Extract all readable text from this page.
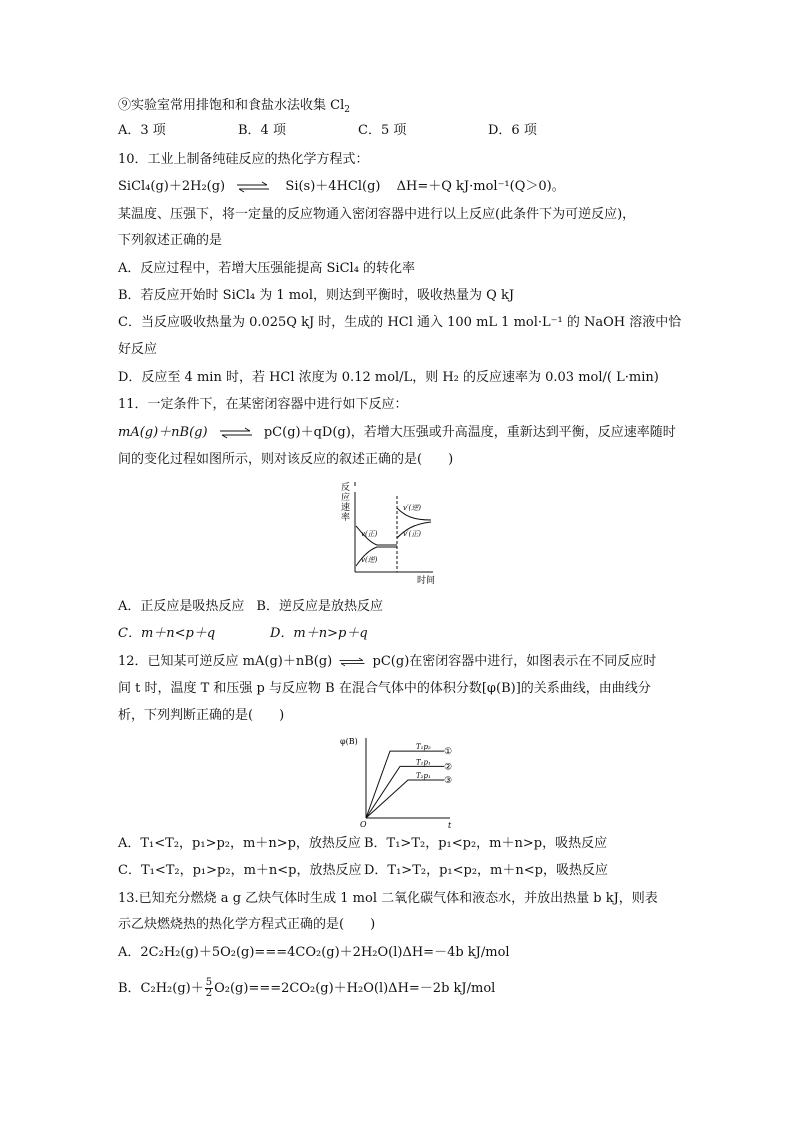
⑨实验室常用排饱和和食盐水法收集 $Cl_2$
A．3 项	B．4 项	C．5 项	D．6 项
10．工业上制备纯硅反应的热化学方程式：
SiCl₄(g)＋2H₂(g) ⇌ Si(s)＋4HCl(g) ΔH=＋Q kJ·mol⁻¹(Q＞0)。
某温度、压强下，将一定量的反应物通入密闭容器中进行以上反应(此条件下为可逆反应)，
下列叙述正确的是
A．反应过程中，若增大压强能提高 SiCl₄ 的转化率
B．若反应开始时 SiCl₄ 为 1 mol，则达到平衡时，吸收热量为 Q kJ
C．当反应吸收热量为 0.025Q kJ 时，生成的 HCl 通入 100 mL 1 mol·L⁻¹ 的 NaOH 溶液中恰
好反应
D．反应至 4 min 时，若 HCl 浓度为 0.12 mol/L，则 H₂ 的反应速率为 0.03 mol/( L·min)
11．一定条件下，在某密闭容器中进行如下反应：
mA(g)＋nB(g) ⇌ pC(g)＋qD(g)，若增大压强或升高温度，重新达到平衡，反应速率随时
间的变化过程如图所示，则对该反应的叙述正确的是(　　)
反
应
速
率
时间
v(正)
v(逆)
v′(逆)
v′(正)
A．正反应是吸热反应 B．逆反应是放热反应
C．m＋n<p＋q	D．m＋n>p＋q
12．已知某可逆反应 mA(g)＋nB(g) ⇌ pC(g)在密闭容器中进行，如图表示在不同反应时
间 t 时，温度 T 和压强 p 与反应物 B 在混合气体中的体积分数[φ(B)]的关系曲线，由曲线分
析，下列判断正确的是(　　)
φ(B)
O	t
T₁p₂ ①
T₁p₁ ②
T₂p₁ ③
A．T₁<T₂，p₁>p₂，m＋n>p，放热反应 B．T₁>T₂，p₁<p₂，m＋n>p，吸热反应
C．T₁<T₂，p₁>p₂，m＋n<p，放热反应 D．T₁>T₂，p₁<p₂，m＋n<p，吸热反应
13.已知充分燃烧 a g 乙炔气体时生成 1 mol 二氧化碳气体和液态水，并放出热量 b kJ，则表
示乙炔燃烧热的热化学方程式正确的是(　　)
A．2C₂H₂(g)＋5O₂(g)===4CO₂(g)＋2H₂O(l)ΔH=－4b kJ/mol
B．$C_2H_2(g)+ \frac{5}{2} O_2(g)===2CO_2(g)+H_2O(l)\Delta H=-2b$ kJ/mol
